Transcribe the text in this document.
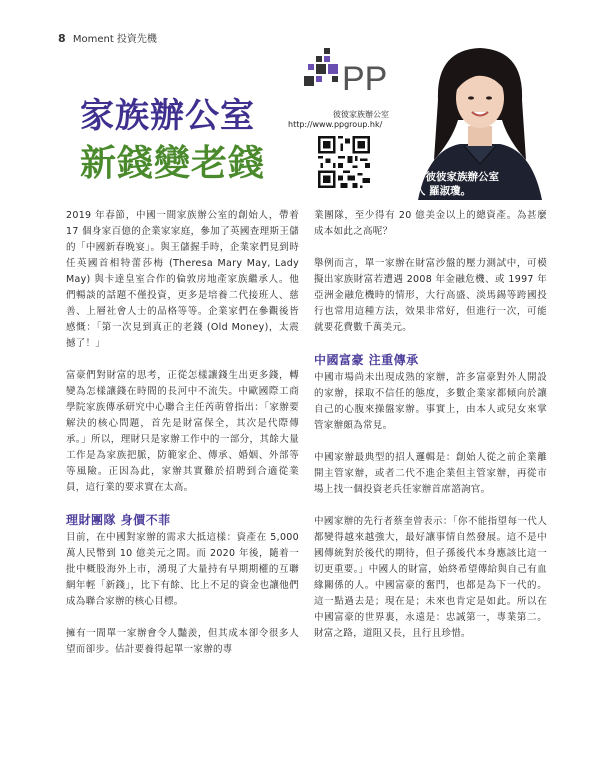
8 Moment 投資先機
家族辦公室
新錢變老錢
PP
彼彼家族辦公室
http://www.ppgroup.hk/
作者：彼彼家族辦公室
創辦人 羅淑瓊。

2019 年春節，中國一間家族辦公室的創始人，帶着 17 個身家百億的企業家家庭，參加了英國查理斯王儲的「中國新春晚宴」。與王儲握手時，企業家們見到時任英國首相特蕾莎梅 (Theresa Mary May, Lady May) 與卡達皇室合作的倫敦房地產家族繼承人。他們暢談的話題不僅投資，更多是培養二代接班人、慈善、上層社會人士的品格等等。企業家們在參觀後皆感慨：「第一次見到真正的老錢 (Old Money)，太震撼了！」

富豪們對財富的思考，正從怎樣讓錢生出更多錢，轉變為怎樣讓錢在時間的長河中不流失。中歐國際工商學院家族傳承研究中心聯合主任芮萌曾指出：「家辦要解決的核心問題，首先是財富保全，其次是代際傳承。」所以，理財只是家辦工作中的一部分，其餘大量工作是為家族把脈，防範家企、傳承、婚姻、外部等等風險。正因為此，家辦其實難於招聘到合適從業員，這行業的要求實在太高。

理財團隊 身價不菲

目前，在中國對家辦的需求大抵這樣：資產在 5,000 萬人民幣到 10 億美元之間。而 2020 年後，隨着一批中概股海外上市，湧現了大量持有早期期權的互聯網年輕「新錢」，比下有餘、比上不足的資金也讓他們成為聯合家辦的核心目標。

擁有一間單一家辦會令人豔羨，但其成本卻令很多人望而卻步。估計要養得起單一家辦的專

業團隊，至少得有 20 億美金以上的總資產。為甚麼成本如此之高呢？

舉例而言，單一家辦在財富沙盤的壓力測試中，可模擬出家族財富若遭遇 2008 年金融危機、或 1997 年亞洲金融危機時的情形，大行高盛、淡馬錫等跨國投行也常用這種方法，效果非常好，但進行一次，可能就要花費數千萬美元。

中國富豪 注重傳承

中國市場尚未出現成熟的家辦，許多富豪對外人開設的家辦，採取不信任的態度，多數企業家都傾向於讓自己的心腹來操盤家辦。事實上，由本人或兒女來掌管家辦頗為常見。

中國家辦最典型的招人邏輯是：創始人從之前企業離開主管家辦，或者二代不進企業但主管家辦，再從市場上找一個投資老兵任家辦首席諮詢官。

中國家辦的先行者蔡奎曾表示：「你不能指望每一代人都變得越來越強大，最好讓事情自然發展。這不是中國傳統對於後代的期待，但子孫後代本身應該比這一切更重要。」中國人的財富，始終希望傳給與自己有血緣關係的人。中國富豪的奮門，也都是為下一代的。這一點過去是；現在是；未來也肯定是如此。所以在中國富豪的世界裏，永遠是：忠誠第一，專業第二。財富之路，道阻又長，且行且珍惜。
